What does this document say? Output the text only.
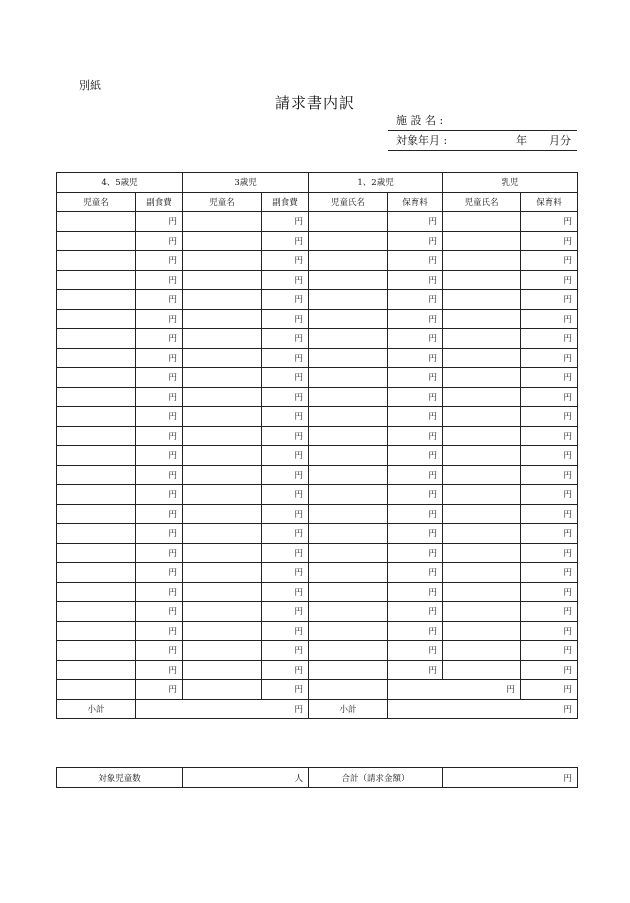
別紙
請求書内訳
施 設 名 :
対象年月 :	年 月分
4、5歳児		3歳児		1、2歳児		乳児	
児童名	副食費	児童名	副食費	児童氏名	保育料	児童氏名	保育料
	円		円		円		円
	円		円		円		円
	円		円		円		円
	円		円		円		円
	円		円		円		円
	円		円		円		円
	円		円		円		円
	円		円		円		円
	円		円		円		円
	円		円		円		円
	円		円		円		円
	円		円		円		円
	円		円		円		円
	円		円		円		円
	円		円		円		円
	円		円		円		円
	円		円		円		円
	円		円		円		円
	円		円		円		円
	円		円		円		円
	円		円		円		円
	円		円		円		円
	円		円		円		円
	円		円		円		円
	円		円		円		円
小計	円			小計	円		
対象児童数	人	合計（請求金額）	円
